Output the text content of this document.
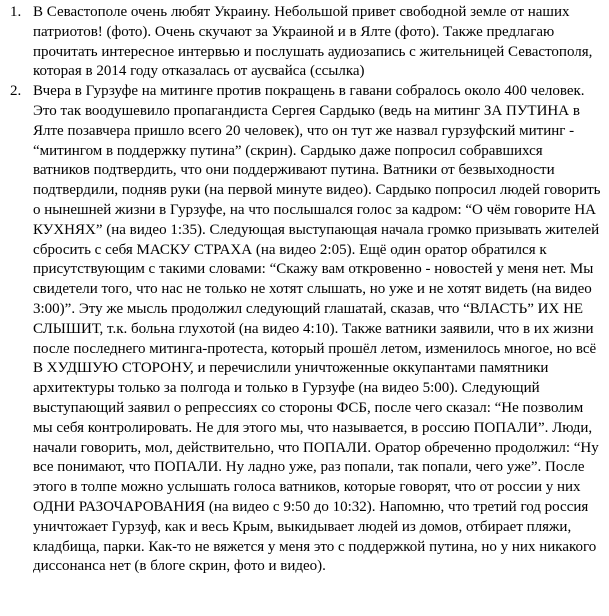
1. В Севастополе очень любят Украину. Небольшой привет свободной земле от наших патриотов! (фото). Очень скучают за Украиной и в Ялте (фото). Также предлагаю прочитать интересное интервью и послушать аудиозапись с жительницей Севастополя, которая в 2014 году отказалась от аусвайса (ссылка)

2. Вчера в Гурзуфе на митинге против покращень в гавани собралось около 400 человек. Это так воодушевило пропагандиста Сергея Сардыко (ведь на митинг ЗА ПУТИНА в Ялте позавчера пришло всего 20 человек), что он тут же назвал гурзуфский митинг - “митингом в поддержку путина” (скрин). Сардыко даже попросил собравшихся ватников подтвердить, что они поддерживают путина. Ватники от безвыходности подтвердили, подняв руки (на первой минуте видео). Сардыко попросил людей говорить о нынешней жизни в Гурзуфе, на что послышался голос за кадром: “О чём говорите НА КУХНЯХ” (на видео 1:35). Следующая выступающая начала громко призывать жителей сбросить с себя МАСКУ СТРАХА (на видео 2:05). Ещё один оратор обратился к присутствующим с такими словами: “Скажу вам откровенно - новостей у меня нет. Мы свидетели того, что нас не только не хотят слышать, но уже и не хотят видеть (на видео 3:00)”. Эту же мысль продолжил следующий глашатай, сказав, что “ВЛАСТЬ” ИХ НЕ СЛЫШИТ, т.к. больна глухотой (на видео 4:10). Также ватники заявили, что в их жизни после последнего митинга-протеста, который прошёл летом, изменилось многое, но всё В ХУДШУЮ СТОРОНУ, и перечислили уничтоженные оккупантами памятники архитектуры только за полгода и только в Гурзуфе (на видео 5:00). Следующий выступающий заявил о репрессиях со стороны ФСБ, после чего сказал: “Не позволим мы себя контролировать. Не для этого мы, что называется, в россию ПОПАЛИ”. Люди, начали говорить, мол, действительно, что ПОПАЛИ. Оратор обреченно продолжил: “Ну все понимают, что ПОПАЛИ. Ну ладно уже, раз попали, так попали, чего уже”. После этого в толпе можно услышать голоса ватников, которые говорят, что от россии у них ОДНИ РАЗОЧАРОВАНИЯ (на видео с 9:50 до 10:32). Напомню, что третий год россия уничтожает Гурзуф, как и весь Крым, выкидывает людей из домов, отбирает пляжи, кладбища, парки. Как-то не вяжется у меня это с поддержкой путина, но у них никакого диссонанса нет (в блоге скрин, фото и видео).
